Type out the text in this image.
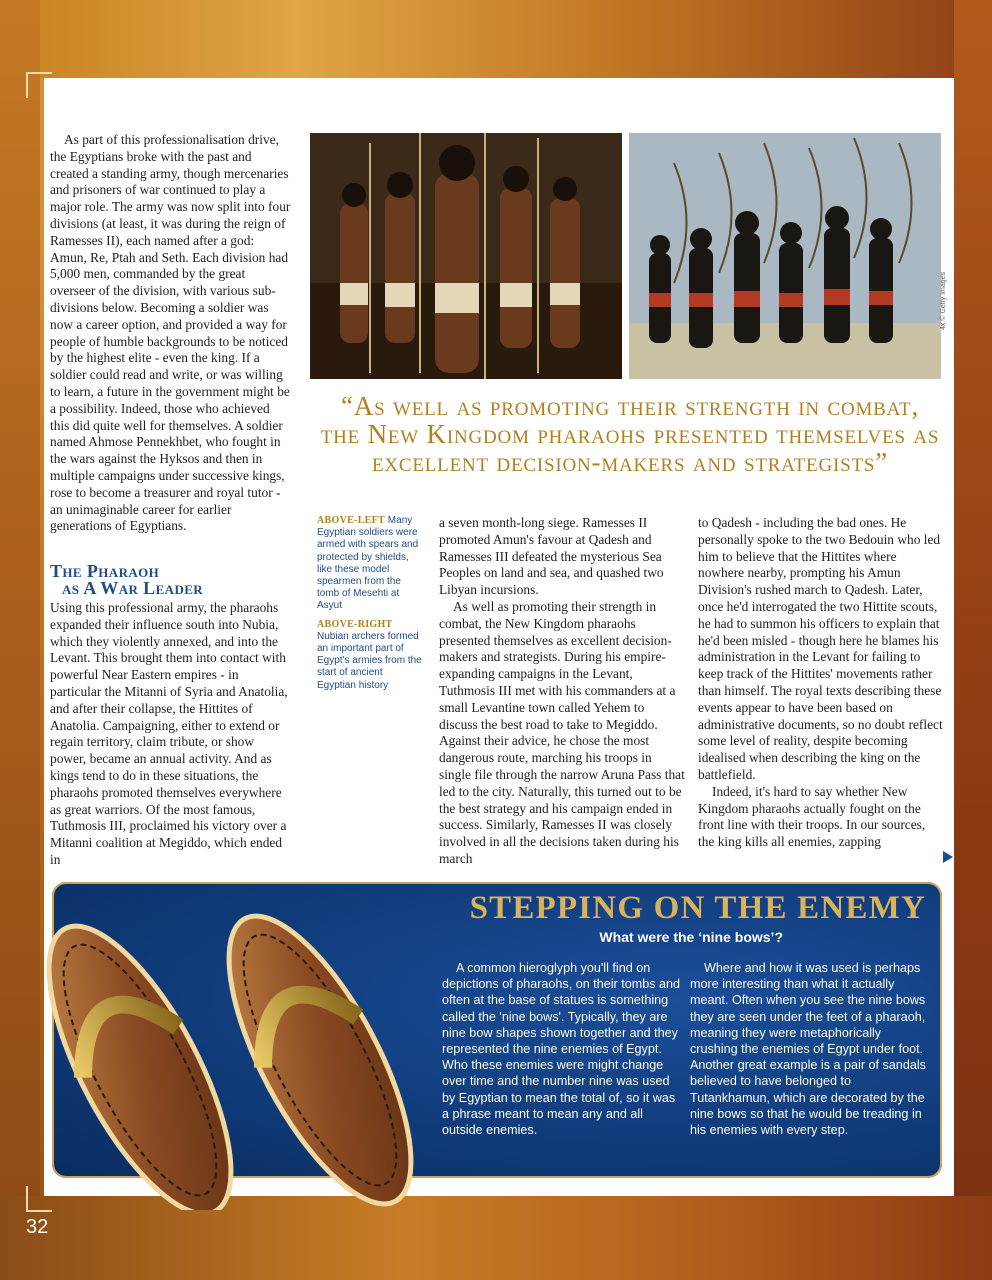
As part of this professionalisation drive, the Egyptians broke with the past and created a standing army, though mercenaries and prisoners of war continued to play a major role. The army was now split into four divisions (at least, it was during the reign of Ramesses II), each named after a god: Amun, Re, Ptah and Seth. Each division had 5,000 men, commanded by the great overseer of the division, with various sub-divisions below. Becoming a soldier was now a career option, and provided a way for people of humble backgrounds to be noticed by the highest elite - even the king. If a soldier could read and write, or was willing to learn, a future in the government might be a possibility. Indeed, those who achieved this did quite well for themselves. A soldier named Ahmose Pennekhbet, who fought in the wars against the Hyksos and then in multiple campaigns under successive kings, rose to become a treasurer and royal tutor - an unimaginable career for earlier generations of Egyptians.

The Pharaoh
as A War Leader

Using this professional army, the pharaohs expanded their influence south into Nubia, which they violently annexed, and into the Levant. This brought them into contact with powerful Near Eastern empires - in particular the Mitanni of Syria and Anatolia, and after their collapse, the Hittites of Anatolia. Campaigning, either to extend or regain territory, claim tribute, or show power, became an annual activity. And as kings tend to do in these situations, the pharaohs promoted themselves everywhere as great warriors. Of the most famous, Tuthmosis III, proclaimed his victory over a Mitanni coalition at Megiddo, which ended in

4x © Getty Images

“As well as promoting their strength in combat, the New Kingdom pharaohs presented themselves as excellent decision-makers and strategists”

ABOVE-LEFT Many Egyptian soldiers were armed with spears and protected by shields, like these model spearmen from the tomb of Mesehti at Asyut

ABOVE-RIGHT
Nubian archers formed an important part of Egypt's armies from the start of ancient Egyptian history

a seven month-long siege. Ramesses II promoted Amun's favour at Qadesh and Ramesses III defeated the mysterious Sea Peoples on land and sea, and quashed two Libyan incursions.

As well as promoting their strength in combat, the New Kingdom pharaohs presented themselves as excellent decision-makers and strategists. During his empire-expanding campaigns in the Levant, Tuthmosis III met with his commanders at a small Levantine town called Yehem to discuss the best road to take to Megiddo. Against their advice, he chose the most dangerous route, marching his troops in single file through the narrow Aruna Pass that led to the city. Naturally, this turned out to be the best strategy and his campaign ended in success. Similarly, Ramesses II was closely involved in all the decisions taken during his march

to Qadesh - including the bad ones. He personally spoke to the two Bedouin who led him to believe that the Hittites where nowhere nearby, prompting his Amun Division's rushed march to Qadesh. Later, once he'd interrogated the two Hittite scouts, he had to summon his officers to explain that he'd been misled - though here he blames his administration in the Levant for failing to keep track of the Hittites' movements rather than himself. The royal texts describing these events appear to have been based on administrative documents, so no doubt reflect some level of reality, despite becoming idealised when describing the king on the battlefield.

Indeed, it's hard to say whether New Kingdom pharaohs actually fought on the front line with their troops. In our sources, the king kills all enemies, zapping

STEPPING ON THE ENEMY

What were the ‘nine bows’?

A common hieroglyph you'll find on depictions of pharaohs, on their tombs and often at the base of statues is something called the 'nine bows'. Typically, they are nine bow shapes shown together and they represented the nine enemies of Egypt. Who these enemies were might change over time and the number nine was used by Egyptian to mean the total of, so it was a phrase meant to mean any and all outside enemies.

Where and how it was used is perhaps more interesting than what it actually meant. Often when you see the nine bows they are seen under the feet of a pharaoh, meaning they were metaphorically crushing the enemies of Egypt under foot. Another great example is a pair of sandals believed to have belonged to Tutankhamun, which are decorated by the nine bows so that he would be treading in his enemies with every step.

32
